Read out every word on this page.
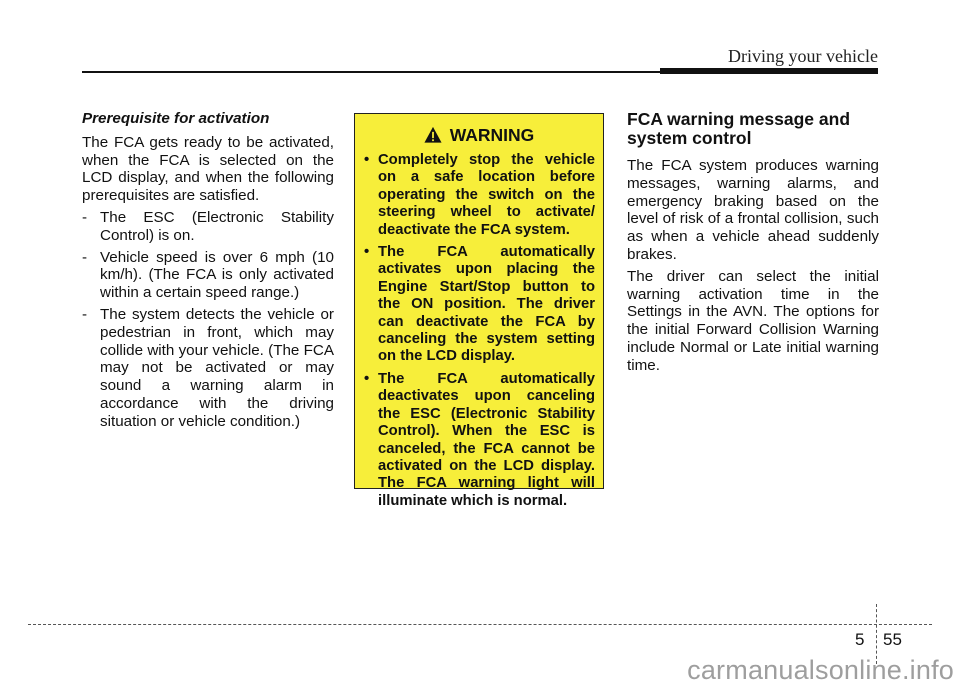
Driving your vehicle
Prerequisite for activation

The FCA gets ready to be activated, when the FCA is selected on the LCD display, and when the following prerequisites are satisfied.

- The ESC (Electronic Stability Control) is on.
- Vehicle speed is over 6 mph (10 km/h). (The FCA is only activated within a certain speed range.)
- The system detects the vehicle or pedestrian in front, which may collide with your vehicle. (The FCA may not be activated or may sound a warning alarm in accordance with the driving situation or vehicle condition.)
WARNING
• Completely stop the vehicle on a safe location before operating the switch on the steering wheel to activate/ deactivate the FCA system.
• The FCA automatically activates upon placing the Engine Start/Stop button to the ON position. The driver can deactivate the FCA by canceling the system setting on the LCD display.
• The FCA automatically deactivates upon canceling the ESC (Electronic Stability Control). When the ESC is canceled, the FCA cannot be activated on the LCD display. The FCA warning light will illuminate which is normal.
FCA warning message and system control

The FCA system produces warning messages, warning alarms, and emergency braking based on the level of risk of a frontal collision, such as when a vehicle ahead suddenly brakes.

The driver can select the initial warning activation time in the Settings in the AVN. The options for the initial Forward Collision Warning include Normal or Late initial warning time.

5 55
carmanualsonline.info
